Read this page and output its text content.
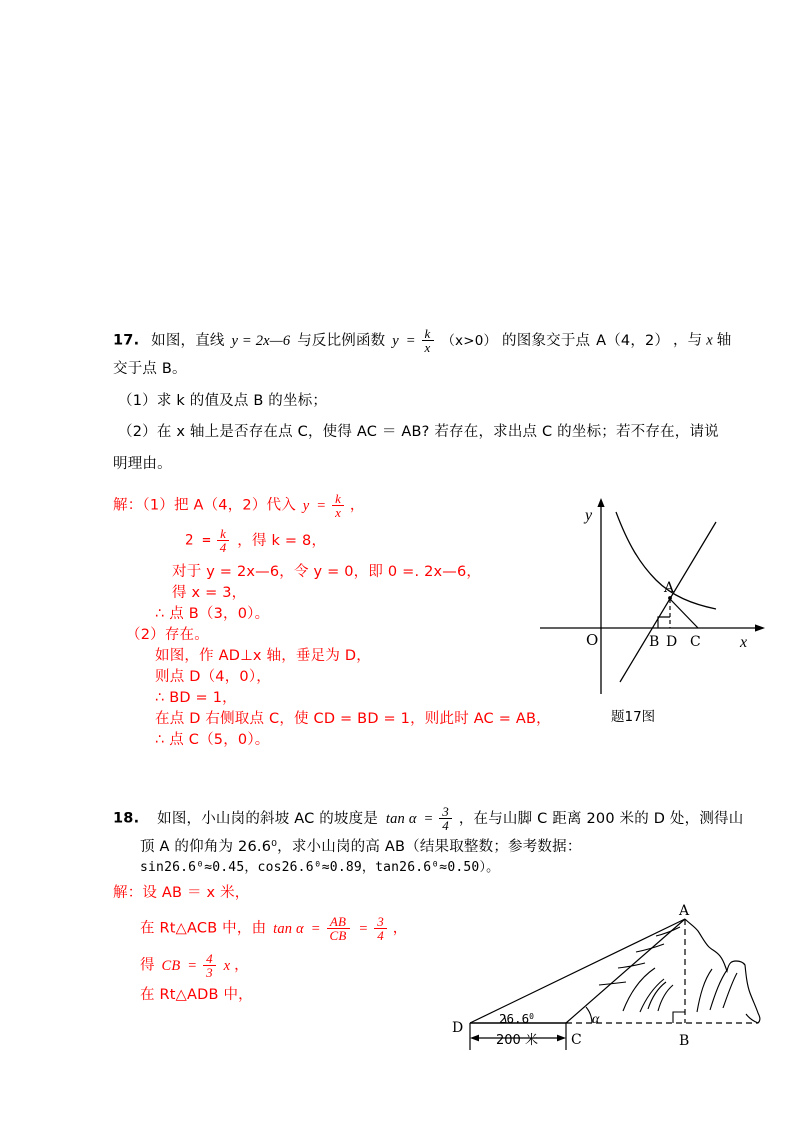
17. 如图，直线 y = 2x—6 与反比例函数 $y = \frac{k}{x} (x>0)$ 的图象交于点 A（4，2） ，与 x 轴
交于点 B。
（1）求 k 的值及点 B 的坐标；
（2）在 x 轴上是否存在点 C，使得 AC ＝ AB? 若存在，求出点 C 的坐标；若不存在，请说
明理由。
解：（1）把 A（4，2）代入 $y = \frac{k}{x}$ ，
$2 = \frac{k}{4}$ ，得 k = 8，
对于 y = 2x—6，令 y = 0，即 0 =. 2x—6，
得 x = 3，
∴ 点 B（3，0）。
（2）存在。
如图，作 AD⊥x 轴，垂足为 D，
则点 D（4，0），
∴ BD = 1，
在点 D 右侧取点 C，使 CD = BD = 1，则此时 AC = AB，
∴ 点 C（5，0）。
O	x
y
A
B D C
题17图
18. 如图，小山岗的斜坡 AC 的坡度是 $\tan \alpha = \frac{3}{4}$ ，在与山脚 C 距离 200 米的 D 处，测得山
顶 A 的仰角为 26.6⁰，求小山岗的高 AB（结果取整数；参考数据：
sin26.6⁰≈0.45，cos26.6⁰≈0.89，tan26.6⁰≈0.50）。
解：设 AB ＝ x 米，
在 Rt△ACB 中，由 $\tan \alpha = \frac{AB}{CB} = \frac{3}{4}$ ，
得 CB = $\frac{4}{3}$ x ，
在 Rt△ADB 中，
D
C
A
B
26.6$^0$	α
200 米
